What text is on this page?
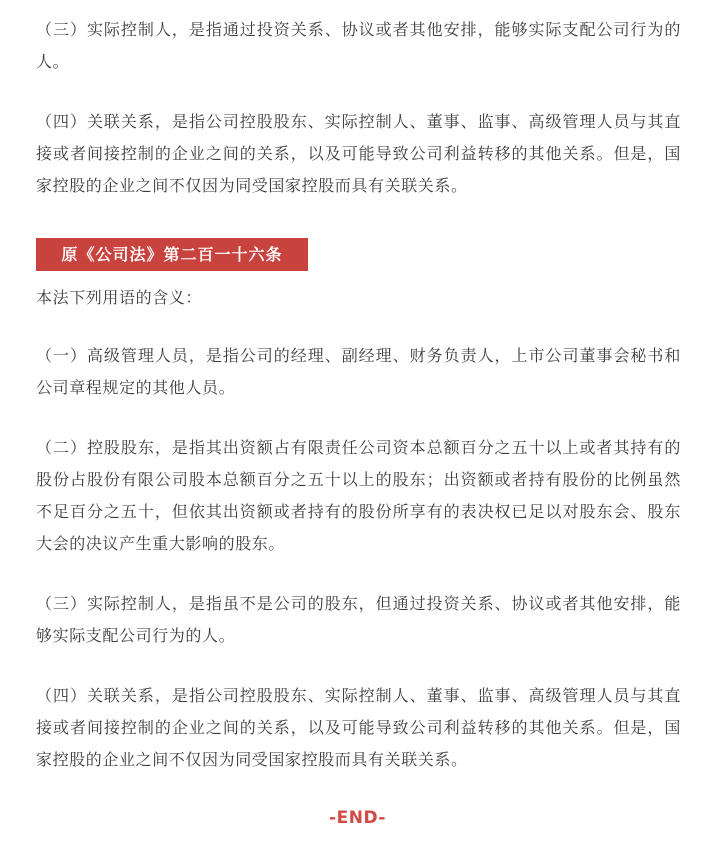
（三）实际控制人，是指通过投资关系、协议或者其他安排，能够实际支配公司行为的人。

（四）关联关系，是指公司控股股东、实际控制人、董事、监事、高级管理人员与其直接或者间接控制的企业之间的关系，以及可能导致公司利益转移的其他关系。但是，国家控股的企业之间不仅因为同受国家控股而具有关联关系。

原《公司法》第二百一十六条

本法下列用语的含义：

（一）高级管理人员，是指公司的经理、副经理、财务负责人，上市公司董事会秘书和公司章程规定的其他人员。

（二）控股股东，是指其出资额占有限责任公司资本总额百分之五十以上或者其持有的股份占股份有限公司股本总额百分之五十以上的股东；出资额或者持有股份的比例虽然不足百分之五十，但依其出资额或者持有的股份所享有的表决权已足以对股东会、股东大会的决议产生重大影响的股东。

（三）实际控制人，是指虽不是公司的股东，但通过投资关系、协议或者其他安排，能够实际支配公司行为的人。

（四）关联关系，是指公司控股股东、实际控制人、董事、监事、高级管理人员与其直接或者间接控制的企业之间的关系，以及可能导致公司利益转移的其他关系。但是，国家控股的企业之间不仅因为同受国家控股而具有关联关系。

-END-
